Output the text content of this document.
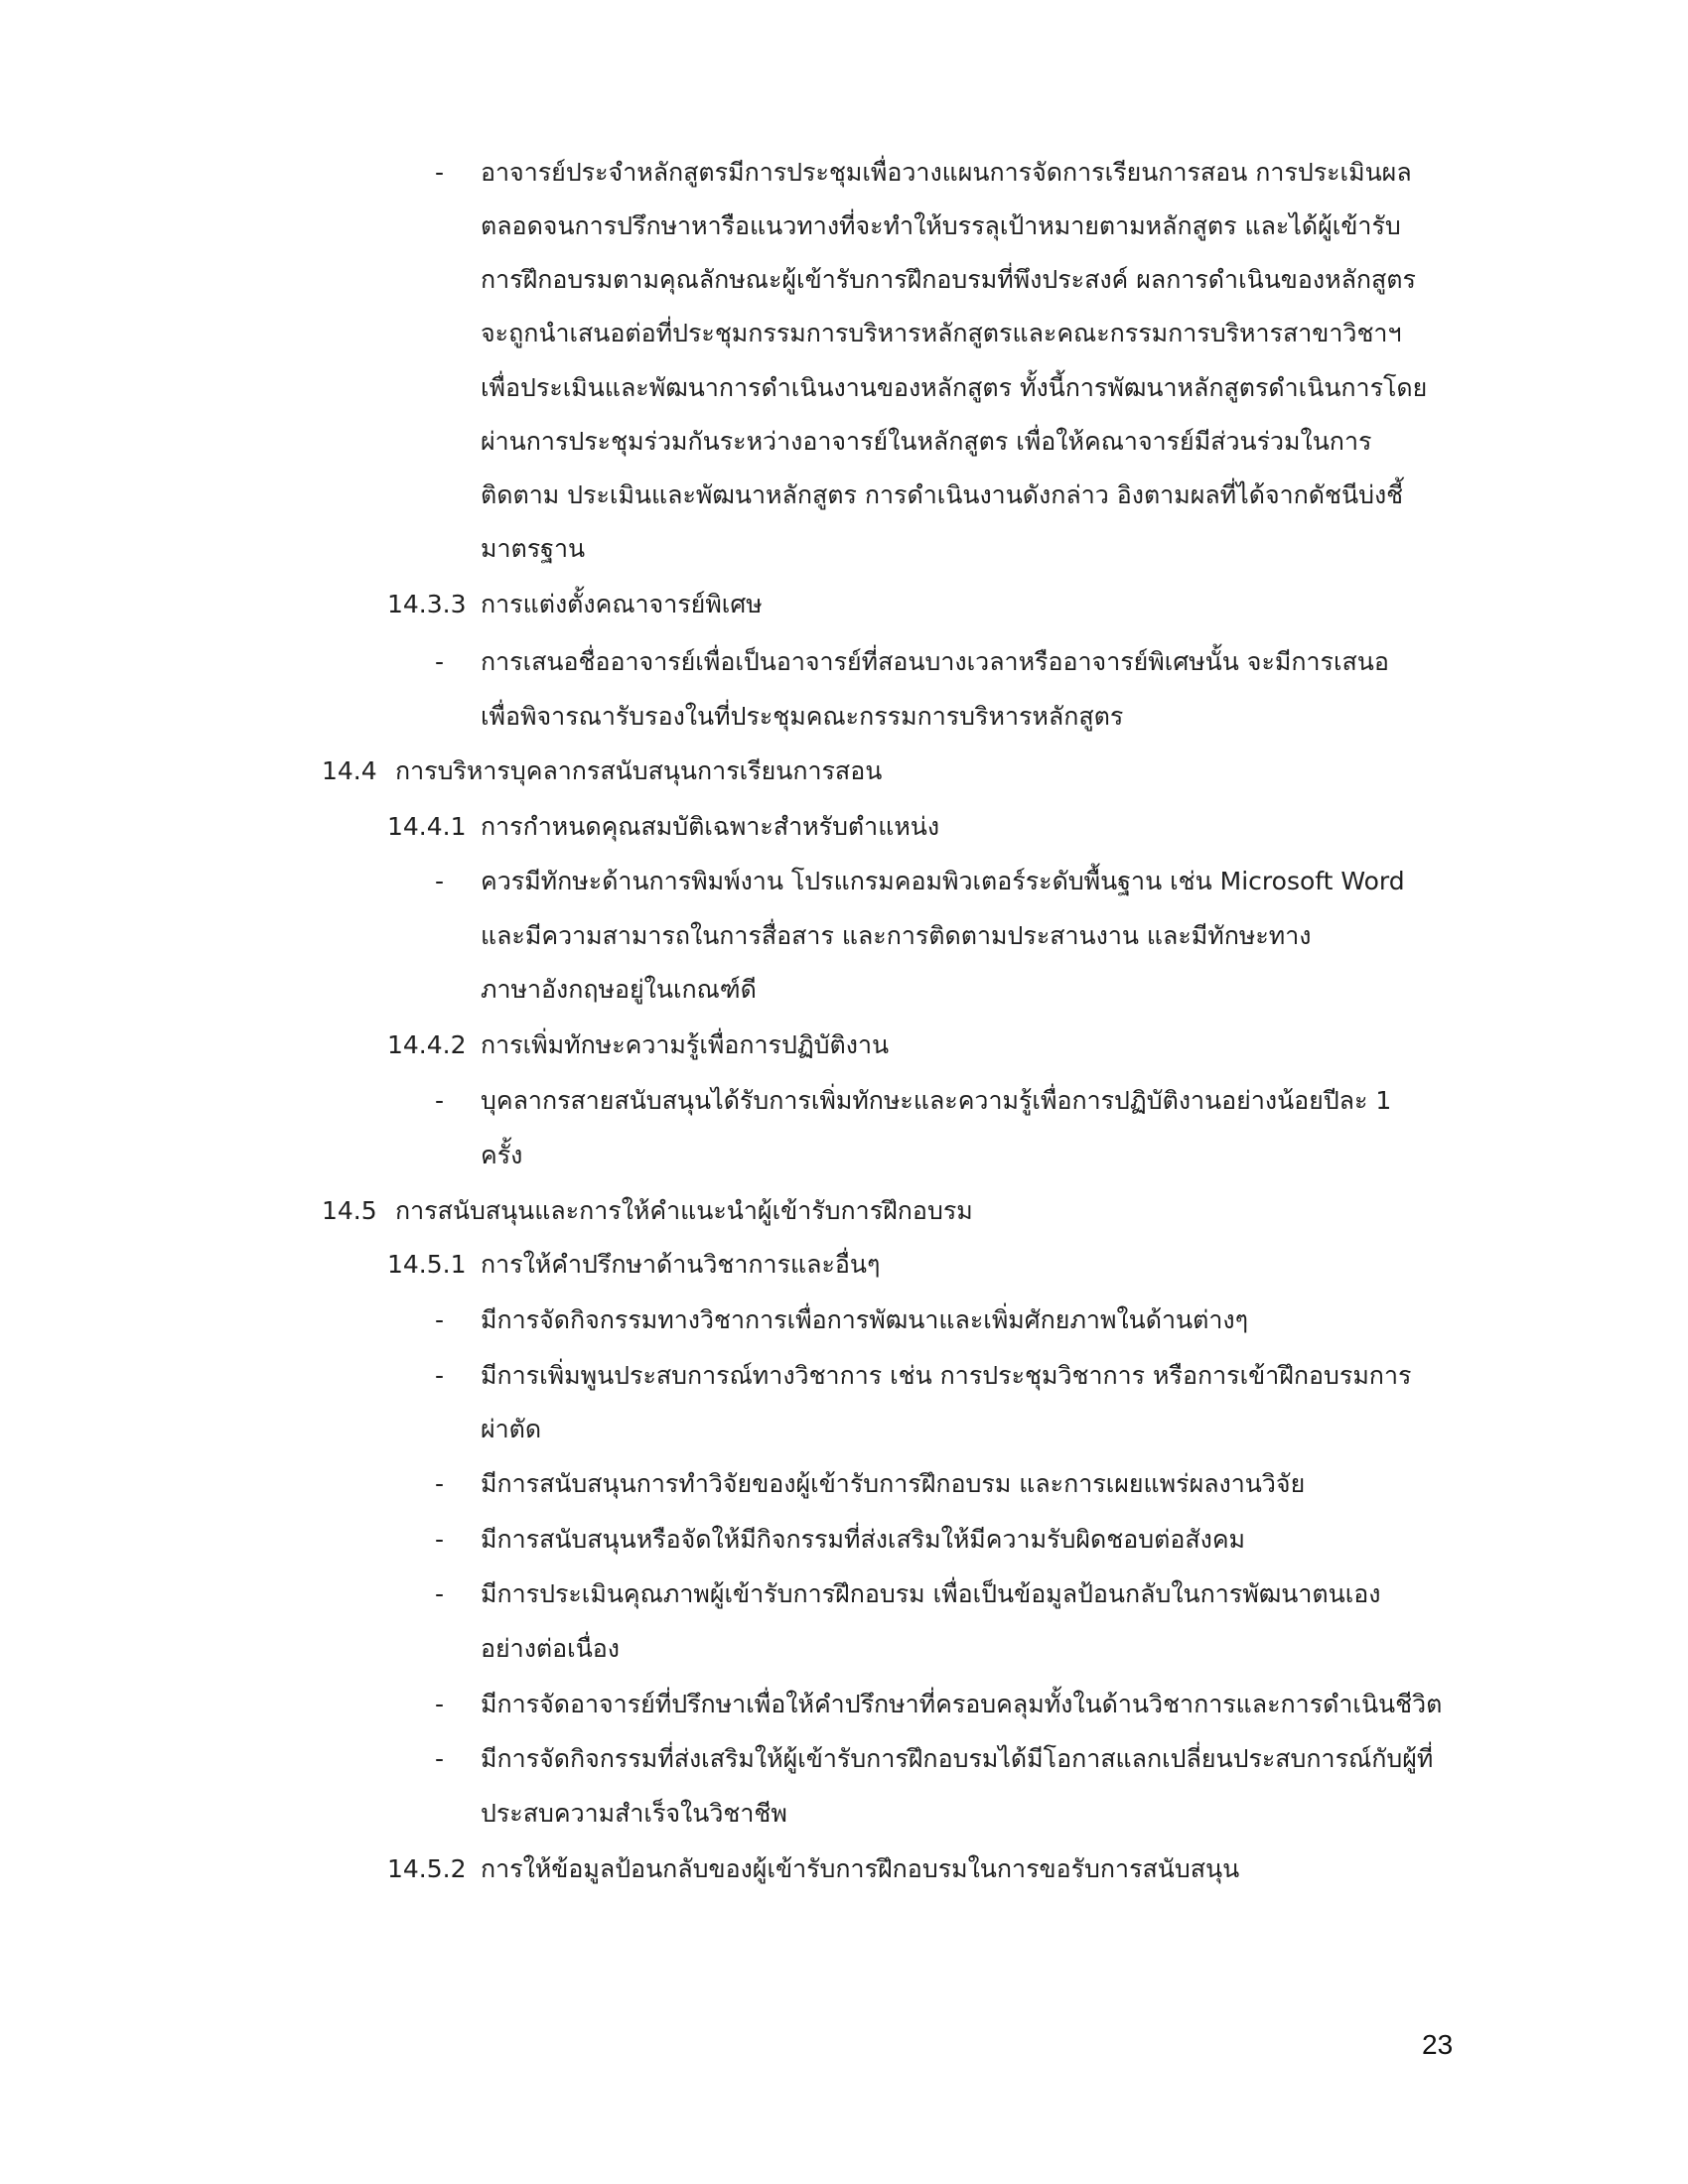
- อาจารย์ประจำหลักสูตรมีการประชุมเพื่อวางแผนการจัดการเรียนการสอน การประเมินผล
ตลอดจนการปรึกษาหารือแนวทางที่จะทำให้บรรลุเป้าหมายตามหลักสูตร และได้ผู้เข้ารับ
การฝึกอบรมตามคุณลักษณะผู้เข้ารับการฝึกอบรมที่พึงประสงค์ ผลการดำเนินของหลักสูตร
จะถูกนำเสนอต่อที่ประชุมกรรมการบริหารหลักสูตรและคณะกรรมการบริหารสาขาวิชาฯ
เพื่อประเมินและพัฒนาการดำเนินงานของหลักสูตร ทั้งนี้การพัฒนาหลักสูตรดำเนินการโดย
ผ่านการประชุมร่วมกันระหว่างอาจารย์ในหลักสูตร เพื่อให้คณาจารย์มีส่วนร่วมในการ
ติดตาม ประเมินและพัฒนาหลักสูตร การดำเนินงานดังกล่าว อิงตามผลที่ได้จากดัชนีบ่งชี้
มาตรฐาน
14.3.3 การแต่งตั้งคณาจารย์พิเศษ
- การเสนอชื่ออาจารย์เพื่อเป็นอาจารย์ที่สอนบางเวลาหรืออาจารย์พิเศษนั้น จะมีการเสนอ
เพื่อพิจารณารับรองในที่ประชุมคณะกรรมการบริหารหลักสูตร
14.4 การบริหารบุคลากรสนับสนุนการเรียนการสอน
14.4.1 การกำหนดคุณสมบัติเฉพาะสำหรับตำแหน่ง
- ควรมีทักษะด้านการพิมพ์งาน โปรแกรมคอมพิวเตอร์ระดับพื้นฐาน เช่น Microsoft Word
และมีความสามารถในการสื่อสาร และการติดตามประสานงาน และมีทักษะทาง
ภาษาอังกฤษอยู่ในเกณฑ์ดี
14.4.2 การเพิ่มทักษะความรู้เพื่อการปฏิบัติงาน
- บุคลากรสายสนับสนุนได้รับการเพิ่มทักษะและความรู้เพื่อการปฏิบัติงานอย่างน้อยปีละ 1
ครั้ง
14.5 การสนับสนุนและการให้คำแนะนำผู้เข้ารับการฝึกอบรม
14.5.1 การให้คำปรึกษาด้านวิชาการและอื่นๆ
- มีการจัดกิจกรรมทางวิชาการเพื่อการพัฒนาและเพิ่มศักยภาพในด้านต่างๆ
- มีการเพิ่มพูนประสบการณ์ทางวิชาการ เช่น การประชุมวิชาการ หรือการเข้าฝึกอบรมการ
ผ่าตัด
- มีการสนับสนุนการทำวิจัยของผู้เข้ารับการฝึกอบรม และการเผยแพร่ผลงานวิจัย
- มีการสนับสนุนหรือจัดให้มีกิจกรรมที่ส่งเสริมให้มีความรับผิดชอบต่อสังคม
- มีการประเมินคุณภาพผู้เข้ารับการฝึกอบรม เพื่อเป็นข้อมูลป้อนกลับในการพัฒนาตนเอง
อย่างต่อเนื่อง
- มีการจัดอาจารย์ที่ปรึกษาเพื่อให้คำปรึกษาที่ครอบคลุมทั้งในด้านวิชาการและการดำเนินชีวิต
- มีการจัดกิจกรรมที่ส่งเสริมให้ผู้เข้ารับการฝึกอบรมได้มีโอกาสแลกเปลี่ยนประสบการณ์กับผู้ที่
ประสบความสำเร็จในวิชาชีพ
14.5.2 การให้ข้อมูลป้อนกลับของผู้เข้ารับการฝึกอบรมในการขอรับการสนับสนุน
23
